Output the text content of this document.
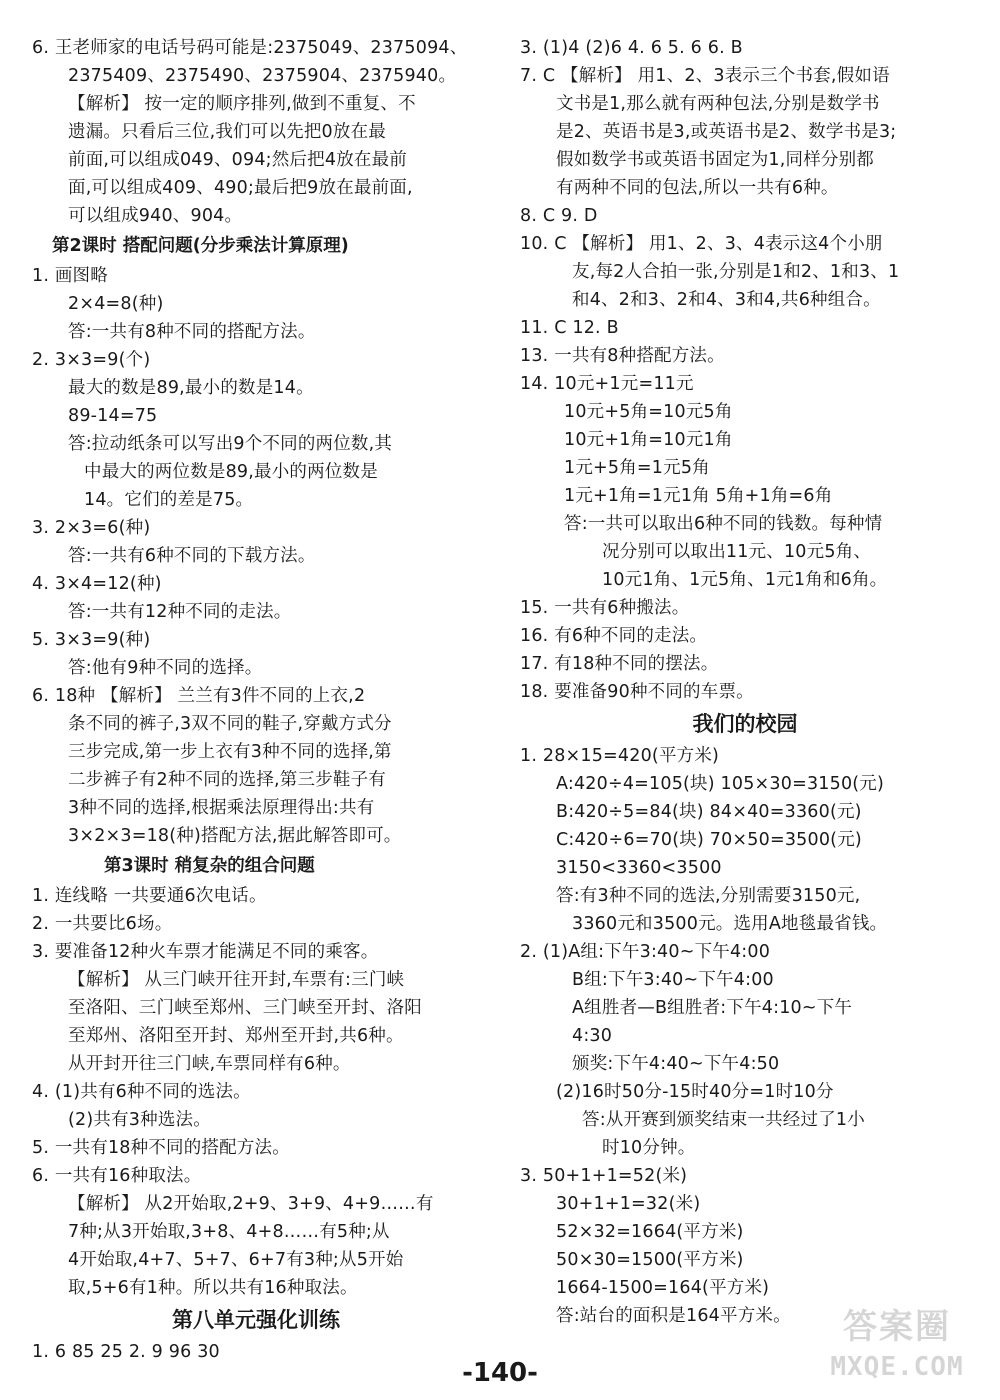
6. 王老师家的电话号码可能是:2375049、2375094、
2375409、2375490、2375904、2375940。
【解析】 按一定的顺序排列,做到不重复、不
遗漏。只看后三位,我们可以先把0放在最
前面,可以组成049、094;然后把4放在最前
面,可以组成409、490;最后把9放在最前面,
可以组成940、904。
第2课时 搭配问题(分步乘法计算原理)
1. 画图略
2×4=8(种)
答:一共有8种不同的搭配方法。
2. 3×3=9(个)
最大的数是89,最小的数是14。
89-14=75
答:拉动纸条可以写出9个不同的两位数,其
中最大的两位数是89,最小的两位数是
14。它们的差是75。
3. 2×3=6(种)
答:一共有6种不同的下载方法。
4. 3×4=12(种)
答:一共有12种不同的走法。
5. 3×3=9(种)
答:他有9种不同的选择。
6. 18种 【解析】 兰兰有3件不同的上衣,2
条不同的裤子,3双不同的鞋子,穿戴方式分
三步完成,第一步上衣有3种不同的选择,第
二步裤子有2种不同的选择,第三步鞋子有
3种不同的选择,根据乘法原理得出:共有
3×2×3=18(种)搭配方法,据此解答即可。
第3课时 稍复杂的组合问题
1. 连线略 一共要通6次电话。
2. 一共要比6场。
3. 要准备12种火车票才能满足不同的乘客。
【解析】 从三门峡开往开封,车票有:三门峡
至洛阳、三门峡至郑州、三门峡至开封、洛阳
至郑州、洛阳至开封、郑州至开封,共6种。
从开封开往三门峡,车票同样有6种。
4. (1)共有6种不同的选法。
(2)共有3种选法。
5. 一共有18种不同的搭配方法。
6. 一共有16种取法。
【解析】 从2开始取,2+9、3+9、4+9……有
7种;从3开始取,3+8、4+8……有5种;从
4开始取,4+7、5+7、6+7有3种;从5开始
取,5+6有1种。所以共有16种取法。
第八单元强化训练
1. 6 85 25 2. 9 96 30
3. (1)4 (2)6 4. 6 5. 6 6. B
7. C 【解析】 用1、2、3表示三个书套,假如语
文书是1,那么就有两种包法,分别是数学书
是2、英语书是3,或英语书是2、数学书是3;
假如数学书或英语书固定为1,同样分别都
有两种不同的包法,所以一共有6种。
8. C 9. D
10. C 【解析】 用1、2、3、4表示这4个小朋
友,每2人合拍一张,分别是1和2、1和3、1
和4、2和3、2和4、3和4,共6种组合。
11. C 12. B
13. 一共有8种搭配方法。
14. 10元+1元=11元
10元+5角=10元5角
10元+1角=10元1角
1元+5角=1元5角
1元+1角=1元1角 5角+1角=6角
答:一共可以取出6种不同的钱数。每种情
况分别可以取出11元、10元5角、
10元1角、1元5角、1元1角和6角。
15. 一共有6种搬法。
16. 有6种不同的走法。
17. 有18种不同的摆法。
18. 要准备90种不同的车票。
我们的校园
1. 28×15=420(平方米)
A:420÷4=105(块) 105×30=3150(元)
B:420÷5=84(块) 84×40=3360(元)
C:420÷6=70(块) 70×50=3500(元)
3150<3360<3500
答:有3种不同的选法,分别需要3150元,
3360元和3500元。选用A地毯最省钱。
2. (1)A组:下午3:40~下午4:00
B组:下午3:40~下午4:00
A组胜者—B组胜者:下午4:10~下午
4:30
颁奖:下午4:40~下午4:50
(2)16时50分-15时40分=1时10分
答:从开赛到颁奖结束一共经过了1小
时10分钟。
3. 50+1+1=52(米)
30+1+1=32(米)
52×32=1664(平方米)
50×30=1500(平方米)
1664-1500=164(平方米)
答:站台的面积是164平方米。
-140-
答案圈
MXQE.COM
